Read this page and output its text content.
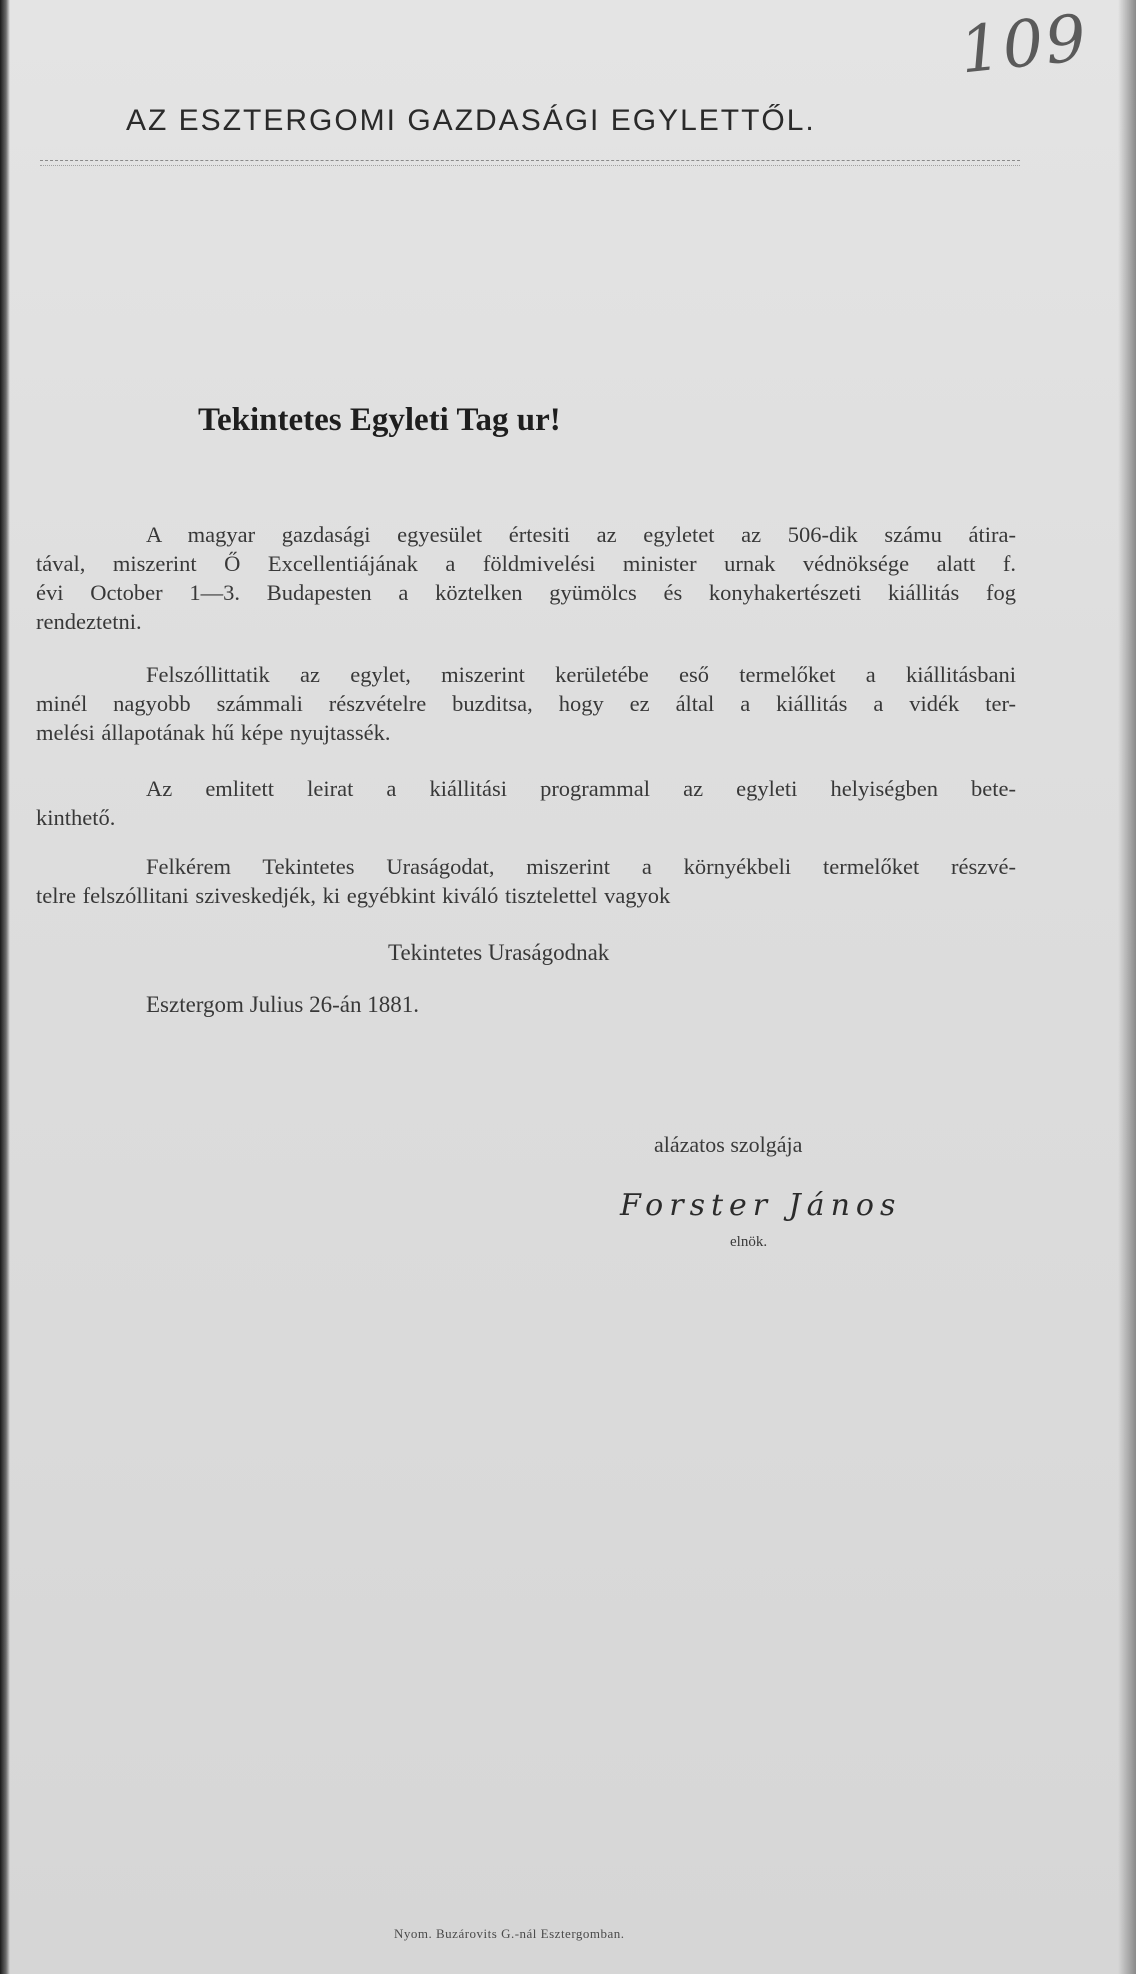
109
AZ ESZTERGOMI GAZDASÁGI EGYLETTŐL.
Tekintetes Egyleti Tag ur!
A magyar gazdasági egyesület értesiti az egyletet az 506-dik számu átira-
tával, miszerint Ő Excellentiájának a földmivelési minister urnak védnöksége alatt f.
évi October 1—3. Budapesten a köztelken gyümölcs és konyhakertészeti kiállitás fog
rendeztetni.
Felszóllittatik az egylet, miszerint kerületébe eső termelőket a kiállitásbani
minél nagyobb számmali részvételre buzditsa, hogy ez által a kiállitás a vidék ter-
melési állapotának hű képe nyujtassék.
Az emlitett leirat a kiállitási programmal az egyleti helyiségben bete-
kinthető.
Felkérem Tekintetes Uraságodat, miszerint a környékbeli termelőket részvé-
telre felszóllitani sziveskedjék, ki egyébkint kiváló tisztelettel vagyok
Tekintetes Uraságodnak
Esztergom Julius 26-án 1881.
alázatos szolgája
Forster János
elnök.
Nyom. Buzárovits G.-nál Esztergomban.
